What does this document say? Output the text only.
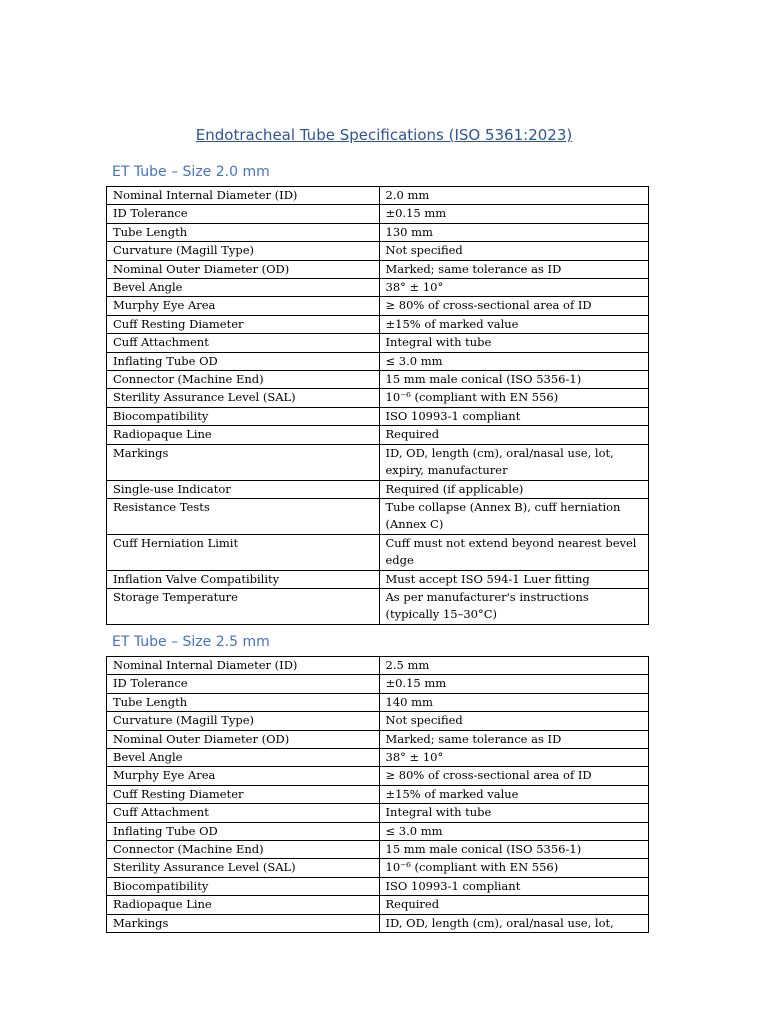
Endotracheal Tube Specifications (ISO 5361:2023)
ET Tube – Size 2.0 mm
Nominal Internal Diameter (ID)	2.0 mm
ID Tolerance	±0.15 mm
Tube Length	130 mm
Curvature (Magill Type)	Not specified
Nominal Outer Diameter (OD)	Marked; same tolerance as ID
Bevel Angle	38° ± 10°
Murphy Eye Area	≥ 80% of cross-sectional area of ID
Cuff Resting Diameter	±15% of marked value
Cuff Attachment	Integral with tube
Inflating Tube OD	≤ 3.0 mm
Connector (Machine End)	15 mm male conical (ISO 5356-1)
Sterility Assurance Level (SAL)	10⁻⁶ (compliant with EN 556)
Biocompatibility	ISO 10993-1 compliant
Radiopaque Line	Required
Markings	ID, OD, length (cm), oral/nasal use, lot, expiry, manufacturer
Single-use Indicator	Required (if applicable)
Resistance Tests	Tube collapse (Annex B), cuff herniation (Annex C)
Cuff Herniation Limit	Cuff must not extend beyond nearest bevel edge
Inflation Valve Compatibility	Must accept ISO 594-1 Luer fitting
Storage Temperature	As per manufacturer's instructions (typically 15–30°C)
ET Tube – Size 2.5 mm
Nominal Internal Diameter (ID)	2.5 mm
ID Tolerance	±0.15 mm
Tube Length	140 mm
Curvature (Magill Type)	Not specified
Nominal Outer Diameter (OD)	Marked; same tolerance as ID
Bevel Angle	38° ± 10°
Murphy Eye Area	≥ 80% of cross-sectional area of ID
Cuff Resting Diameter	±15% of marked value
Cuff Attachment	Integral with tube
Inflating Tube OD	≤ 3.0 mm
Connector (Machine End)	15 mm male conical (ISO 5356-1)
Sterility Assurance Level (SAL)	10⁻⁶ (compliant with EN 556)
Biocompatibility	ISO 10993-1 compliant
Radiopaque Line	Required
Markings	ID, OD, length (cm), oral/nasal use, lot,
